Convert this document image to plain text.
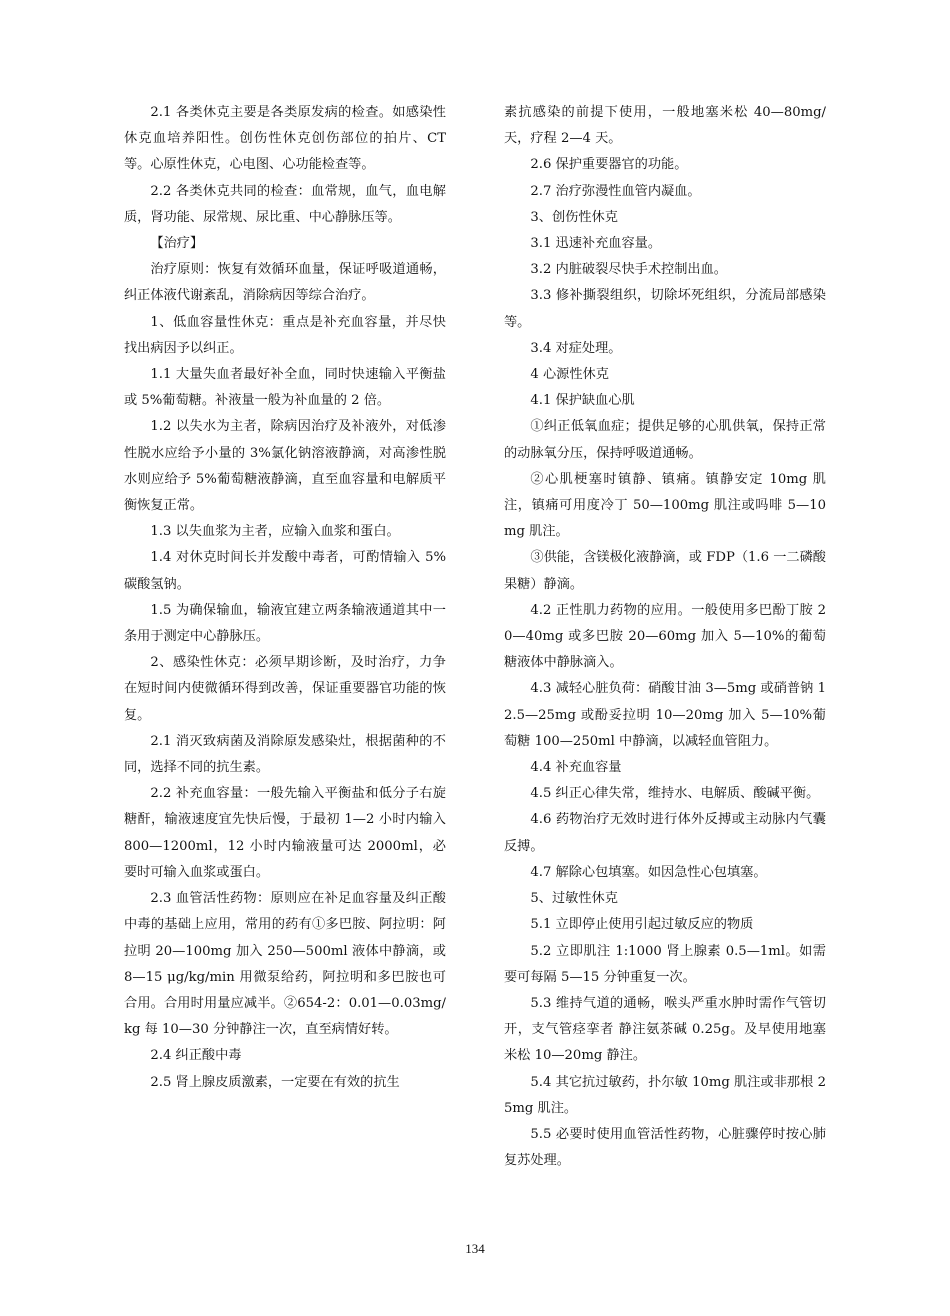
2.1 各类休克主要是各类原发病的检查。如感染性休克血培养阳性。创伤性休克创伤部位的拍片、CT 等。心原性休克，心电图、心功能检查等。

2.2 各类休克共同的检查：血常规，血气，血电解质，肾功能、尿常规、尿比重、中心静脉压等。

【治疗】

治疗原则：恢复有效循环血量，保证呼吸道通畅，纠正体液代谢紊乱，消除病因等综合治疗。

1、低血容量性休克：重点是补充血容量，并尽快找出病因予以纠正。

1.1 大量失血者最好补全血，同时快速输入平衡盐或 5%葡萄糖。补液量一般为补血量的 2 倍。

1.2 以失水为主者，除病因治疗及补液外，对低渗性脱水应给予小量的 3%氯化钠溶液静滴，对高渗性脱水则应给予 5%葡萄糖液静滴，直至血容量和电解质平衡恢复正常。

1.3 以失血浆为主者，应输入血浆和蛋白。

1.4 对休克时间长并发酸中毒者，可酌情输入 5%碳酸氢钠。

1.5 为确保输血，输液宜建立两条输液通道其中一条用于测定中心静脉压。

2、感染性休克：必须早期诊断，及时治疗，力争在短时间内使微循环得到改善，保证重要器官功能的恢复。

2.1 消灭致病菌及消除原发感染灶，根据菌种的不同，选择不同的抗生素。

2.2 补充血容量：一般先输入平衡盐和低分子右旋糖酐，输液速度宜先快后慢，于最初 1—2 小时内输入 800—1200ml，12 小时内输液量可达 2000ml，必要时可输入血浆或蛋白。

2.3 血管活性药物：原则应在补足血容量及纠正酸中毒的基础上应用，常用的药有①多巴胺、阿拉明：阿拉明 20—100mg 加入 250—500ml 液体中静滴，或 8—15 μg/kg/min 用微泵给药，阿拉明和多巴胺也可合用。合用时用量应减半。②654-2：0.01—0.03mg/kg 每 10—30 分钟静注一次，直至病情好转。

2.4 纠正酸中毒

2.5 肾上腺皮质激素，一定要在有效的抗生

素抗感染的前提下使用，一般地塞米松 40—80mg/天，疗程 2—4 天。

2.6 保护重要器官的功能。

2.7 治疗弥漫性血管内凝血。

3、创伤性休克

3.1 迅速补充血容量。

3.2 内脏破裂尽快手术控制出血。

3.3 修补撕裂组织，切除坏死组织，分流局部感染等。

3.4 对症处理。

4 心源性休克

4.1 保护缺血心肌

①纠正低氧血症；提供足够的心肌供氧，保持正常的动脉氧分压，保持呼吸道通畅。

②心肌梗塞时镇静、镇痛。镇静安定 10mg 肌注，镇痛可用度冷丁 50—100mg 肌注或吗啡 5—10mg 肌注。

③供能，含镁极化液静滴，或 FDP（1.6 一二磷酸果糖）静滴。

4.2 正性肌力药物的应用。一般使用多巴酚丁胺 20—40mg 或多巴胺 20—60mg 加入 5—10%的葡萄糖液体中静脉滴入。

4.3 减轻心脏负荷：硝酸甘油 3—5mg 或硝普钠 12.5—25mg 或酚妥拉明 10—20mg 加入 5—10%葡萄糖 100—250ml 中静滴，以减轻血管阻力。

4.4 补充血容量

4.5 纠正心律失常，维持水、电解质、酸碱平衡。

4.6 药物治疗无效时进行体外反搏或主动脉内气囊反搏。

4.7 解除心包填塞。如因急性心包填塞。

5、过敏性休克

5.1 立即停止使用引起过敏反应的物质

5.2 立即肌注 1:1000 肾上腺素 0.5—1ml。如需要可每隔 5—15 分钟重复一次。

5.3 维持气道的通畅，喉头严重水肿时需作气管切开，支气管痉挛者 静注氨茶碱 0.25g。及早使用地塞米松 10—20mg 静注。

5.4 其它抗过敏药，扑尔敏 10mg 肌注或非那根 25mg 肌注。

5.5 必要时使用血管活性药物，心脏骤停时按心肺复苏处理。

134
